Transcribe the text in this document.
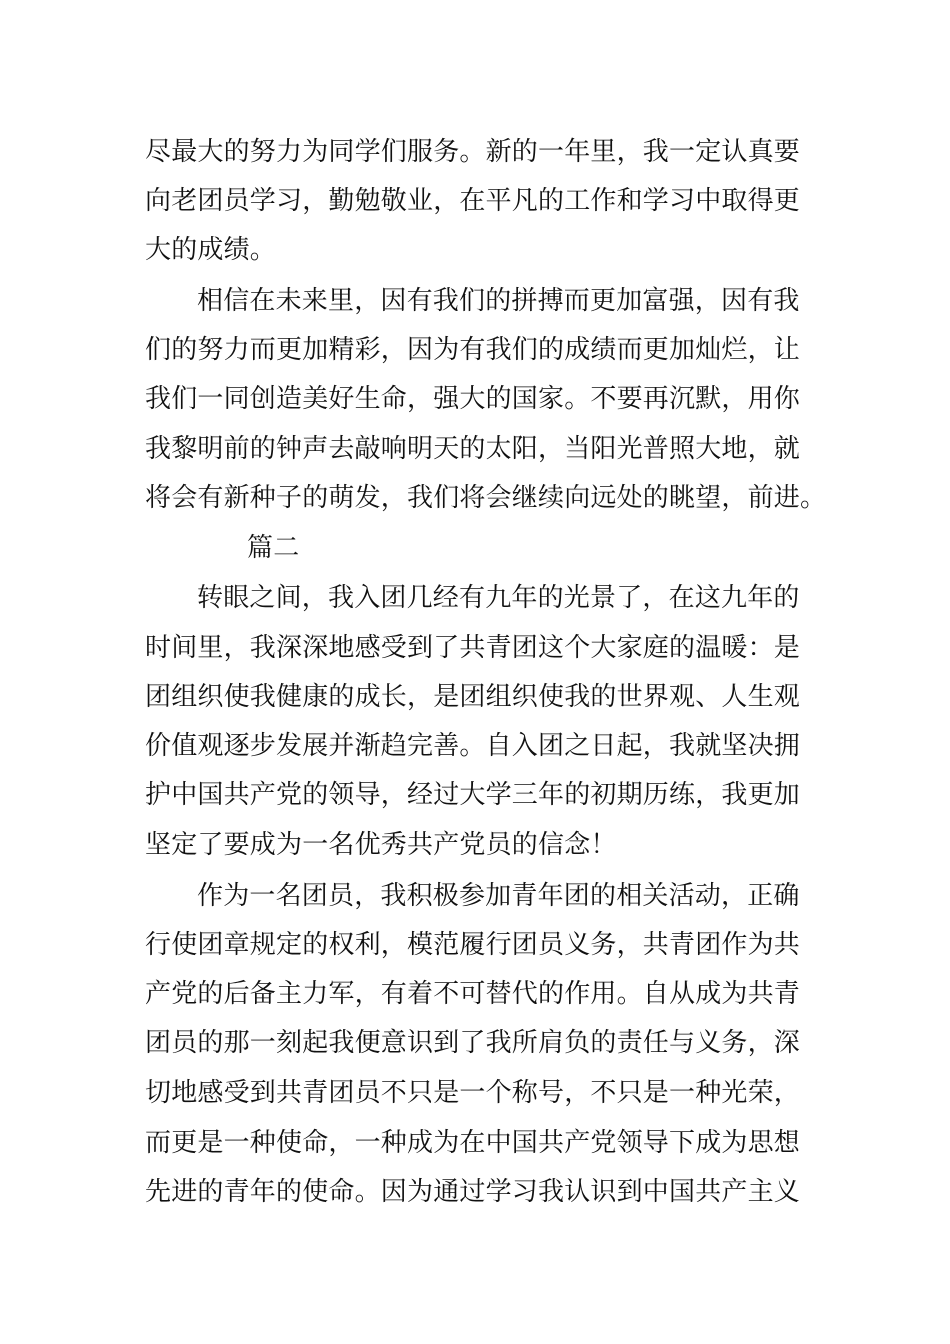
尽最大的努力为同学们服务。新的一年里，我一定认真要
向老团员学习，勤勉敬业，在平凡的工作和学习中取得更
大的成绩。
相信在未来里，因有我们的拼搏而更加富强，因有我
们的努力而更加精彩，因为有我们的成绩而更加灿烂，让
我们一同创造美好生命，强大的国家。不要再沉默，用你
我黎明前的钟声去敲响明天的太阳，当阳光普照大地，就
将会有新种子的萌发，我们将会继续向远处的眺望，前进。
篇二
转眼之间，我入团几经有九年的光景了，在这九年的
时间里，我深深地感受到了共青团这个大家庭的温暖：是
团组织使我健康的成长，是团组织使我的世界观、人生观
价值观逐步发展并渐趋完善。自入团之日起，我就坚决拥
护中国共产党的领导，经过大学三年的初期历练，我更加
坚定了要成为一名优秀共产党员的信念！
作为一名团员，我积极参加青年团的相关活动，正确
行使团章规定的权利，模范履行团员义务，共青团作为共
产党的后备主力军，有着不可替代的作用。自从成为共青
团员的那一刻起我便意识到了我所肩负的责任与义务，深
切地感受到共青团员不只是一个称号，不只是一种光荣，
而更是一种使命，一种成为在中国共产党领导下成为思想
先进的青年的使命。因为通过学习我认识到中国共产主义
